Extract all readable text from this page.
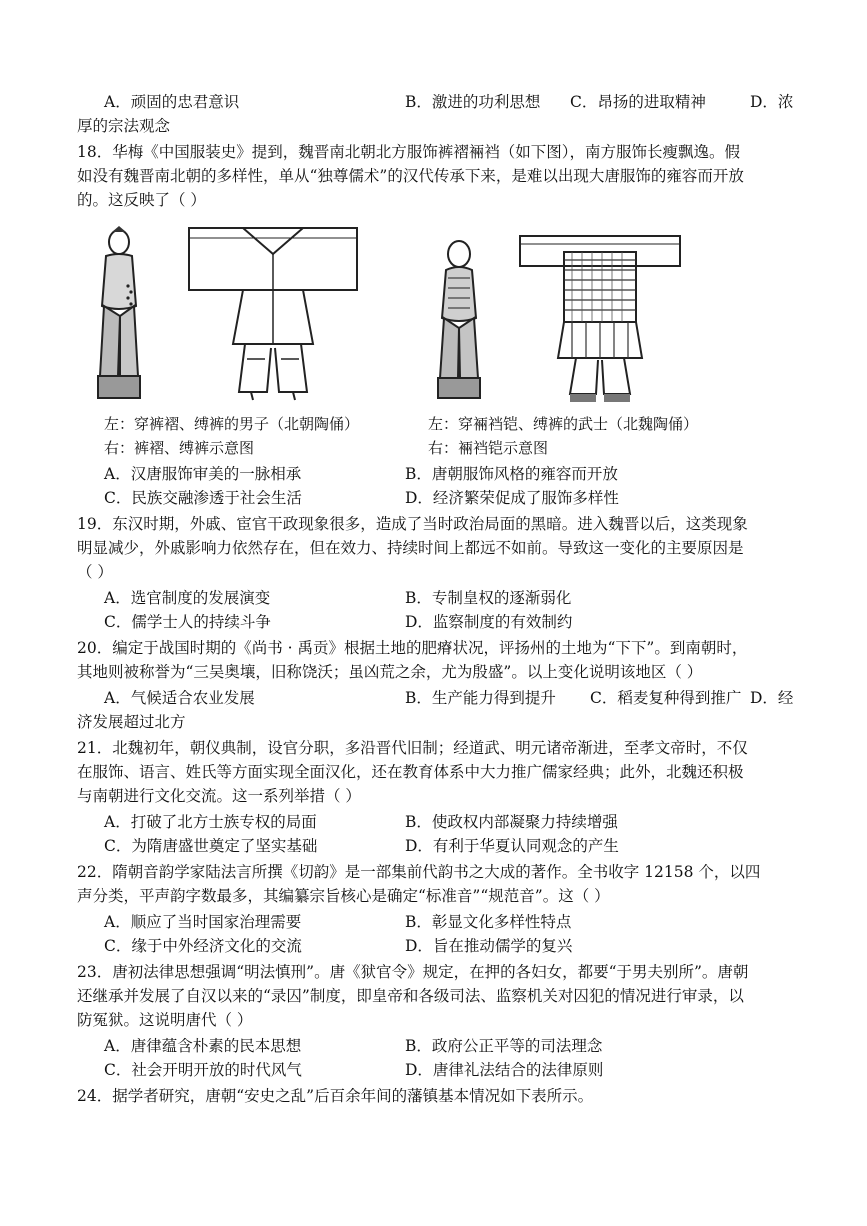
A．顽固的忠君意识	B．激进的功利思想 C．昂扬的进取精神	D．浓
厚的宗法观念
18．华梅《中国服装史》提到，魏晋南北朝北方服饰裤褶裲裆（如下图），南方服饰长瘦飘逸。假
如没有魏晋南北朝的多样性，单从“独尊儒术”的汉代传承下来，是难以出现大唐服饰的雍容而开放
的。这反映了（ ）
左：穿裤褶、缚裤的男子（北朝陶俑）
右：裤褶、缚裤示意图
左：穿裲裆铠、缚裤的武士（北魏陶俑）
右：裲裆铠示意图
A．汉唐服饰审美的一脉相承	B．唐朝服饰风格的雍容而开放
C．民族交融渗透于社会生活	D．经济繁荣促成了服饰多样性
19．东汉时期，外戚、宦官干政现象很多，造成了当时政治局面的黑暗。进入魏晋以后，这类现象
明显减少，外戚影响力依然存在，但在效力、持续时间上都远不如前。导致这一变化的主要原因是
（ ）
A．选官制度的发展演变	B．专制皇权的逐渐弱化
C．儒学士人的持续斗争	D．监察制度的有效制约
20．编定于战国时期的《尚书 · 禹贡》根据土地的肥瘠状况，评扬州的土地为“下下”。到南朝时，
其地则被称誉为“三吴奥壤，旧称饶沃；虽凶荒之余，尤为殷盛”。以上变化说明该地区（ ）
A．气候适合农业发展	B．生产能力得到提升 C．稻麦复种得到推广 D．经
济发展超过北方
21．北魏初年，朝仪典制，设官分职，多沿晋代旧制；经道武、明元诸帝渐进，至孝文帝时，不仅
在服饰、语言、姓氏等方面实现全面汉化，还在教育体系中大力推广儒家经典；此外，北魏还积极
与南朝进行文化交流。这一系列举措（ ）
A．打破了北方士族专权的局面	B．使政权内部凝聚力持续增强
C．为隋唐盛世奠定了坚实基础	D．有利于华夏认同观念的产生
22．隋朝音韵学家陆法言所撰《切韵》是一部集前代韵书之大成的著作。全书收字 12158 个，以四
声分类，平声韵字数最多，其编纂宗旨核心是确定“标准音”“规范音”。这（ ）
A．顺应了当时国家治理需要	B．彰显文化多样性特点
C．缘于中外经济文化的交流	D．旨在推动儒学的复兴
23．唐初法律思想强调“明法慎刑”。唐《狱官令》规定，在押的各妇女，都要“于男夫别所”。唐朝
还继承并发展了自汉以来的“录囚”制度，即皇帝和各级司法、监察机关对囚犯的情况进行审录，以
防冤狱。这说明唐代（ ）
A．唐律蕴含朴素的民本思想	B．政府公正平等的司法理念
C．社会开明开放的时代风气	D．唐律礼法结合的法律原则
24．据学者研究，唐朝“安史之乱”后百余年间的藩镇基本情况如下表所示。
